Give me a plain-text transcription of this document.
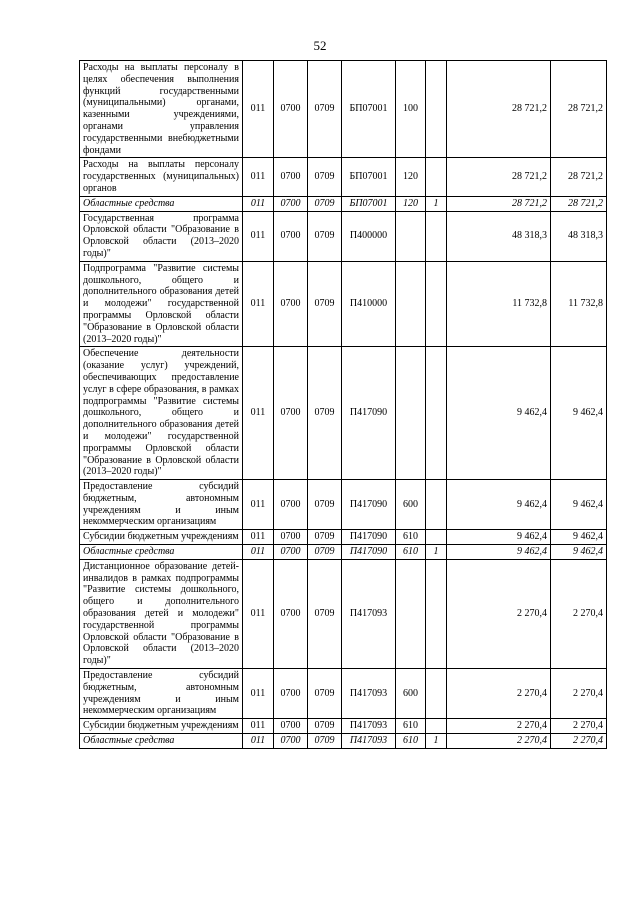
52
Расходы на выплаты персоналу в целях обеспечения выполнения функций государственными (муниципальными) органами, казенными учреждениями, органами управления государственными внебюджетными фондами	011	0700	0709	БП07001	100		28 721,2	28 721,2
Расходы на выплаты персоналу государственных (муниципальных) органов	011	0700	0709	БП07001	120		28 721,2	28 721,2
Областные средства	011	0700	0709	БП07001	120	1	28 721,2	28 721,2
Государственная программа Орловской области "Образование в Орловской области (2013–2020 годы)"	011	0700	0709	П400000			48 318,3	48 318,3
Подпрограмма "Развитие системы дошкольного, общего и дополнительного образования детей и молодежи" государственной программы Орловской области "Образование в Орловской области (2013–2020 годы)"	011	0700	0709	П410000			11 732,8	11 732,8
Обеспечение деятельности (оказание услуг) учреждений, обеспечивающих предоставление услуг в сфере образования, в рамках подпрограммы "Развитие системы дошкольного, общего и дополнительного образования детей и молодежи" государственной программы Орловской области "Образование в Орловской области (2013–2020 годы)"	011	0700	0709	П417090			9 462,4	9 462,4
Предоставление субсидий бюджетным, автономным учреждениям и иным некоммерческим организациям	011	0700	0709	П417090	600		9 462,4	9 462,4
Субсидии бюджетным учреждениям	011	0700	0709	П417090	610		9 462,4	9 462,4
Областные средства	011	0700	0709	П417090	610	1	9 462,4	9 462,4
Дистанционное образование детей-инвалидов в рамках подпрограммы "Развитие системы дошкольного, общего и дополнительного образования детей и молодежи" государственной программы Орловской области "Образование в Орловской области (2013–2020 годы)"	011	0700	0709	П417093			2 270,4	2 270,4
Предоставление субсидий бюджетным, автономным учреждениям и иным некоммерческим организациям	011	0700	0709	П417093	600		2 270,4	2 270,4
Субсидии бюджетным учреждениям	011	0700	0709	П417093	610		2 270,4	2 270,4
Областные средства	011	0700	0709	П417093	610	1	2 270,4	2 270,4
